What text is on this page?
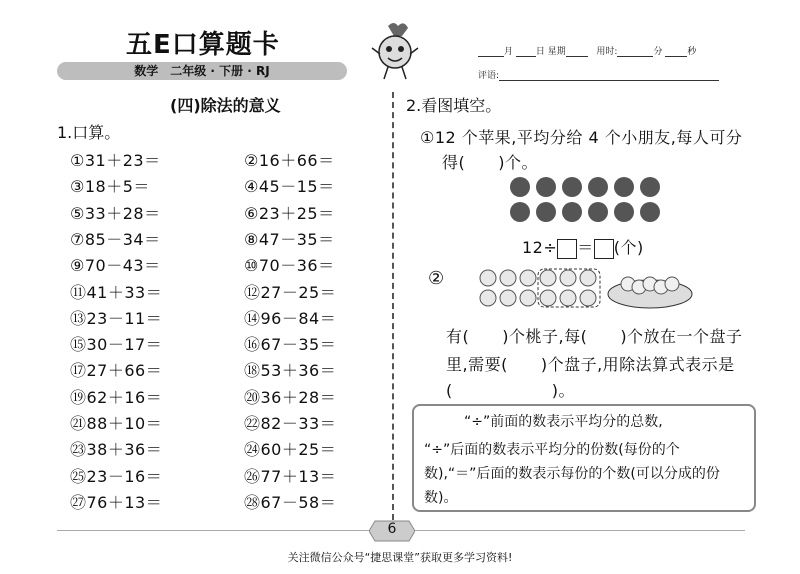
五E口算题卡
数学　二年级 · 下册 · RJ
月	日 星期	用时:	分	秒
评语:
(四)除法的意义
1.口算。
①31＋23＝	②16＋66＝
③18＋5＝	④45－15＝
⑤33＋28＝	⑥23＋25＝
⑦85－34＝	⑧47－35＝
⑨70－43＝	⑩70－36＝
⑪41＋33＝	⑫27－25＝
⑬23－11＝	⑭96－84＝
⑮30－17＝	⑯67－35＝
⑰27＋66＝	⑱53＋36＝
⑲62＋16＝	⑳36＋28＝
㉑88＋10＝	㉒82－33＝
㉓38＋36＝	㉔60＋25＝
㉕23－16＝	㉖77＋13＝
㉗76＋13＝	㉘67－58＝
2.看图填空。
①12 个苹果,平均分给 4 个小朋友,每人可分
得(　　)个。
12÷ ＝ (个)
②
有(　　)个桃子,每(　　)个放在一个盘子
里,需要(　　)个盘子,用除法算式表示是
(　　　　　　)。

“÷”前面的数表示平均分的总数,

“÷”后面的数表示平均分的份数(每份的个数),“＝”后面的数表示每份的个数(可以分成的份数)。

6
关注微信公众号“捷思课堂”获取更多学习资料!
